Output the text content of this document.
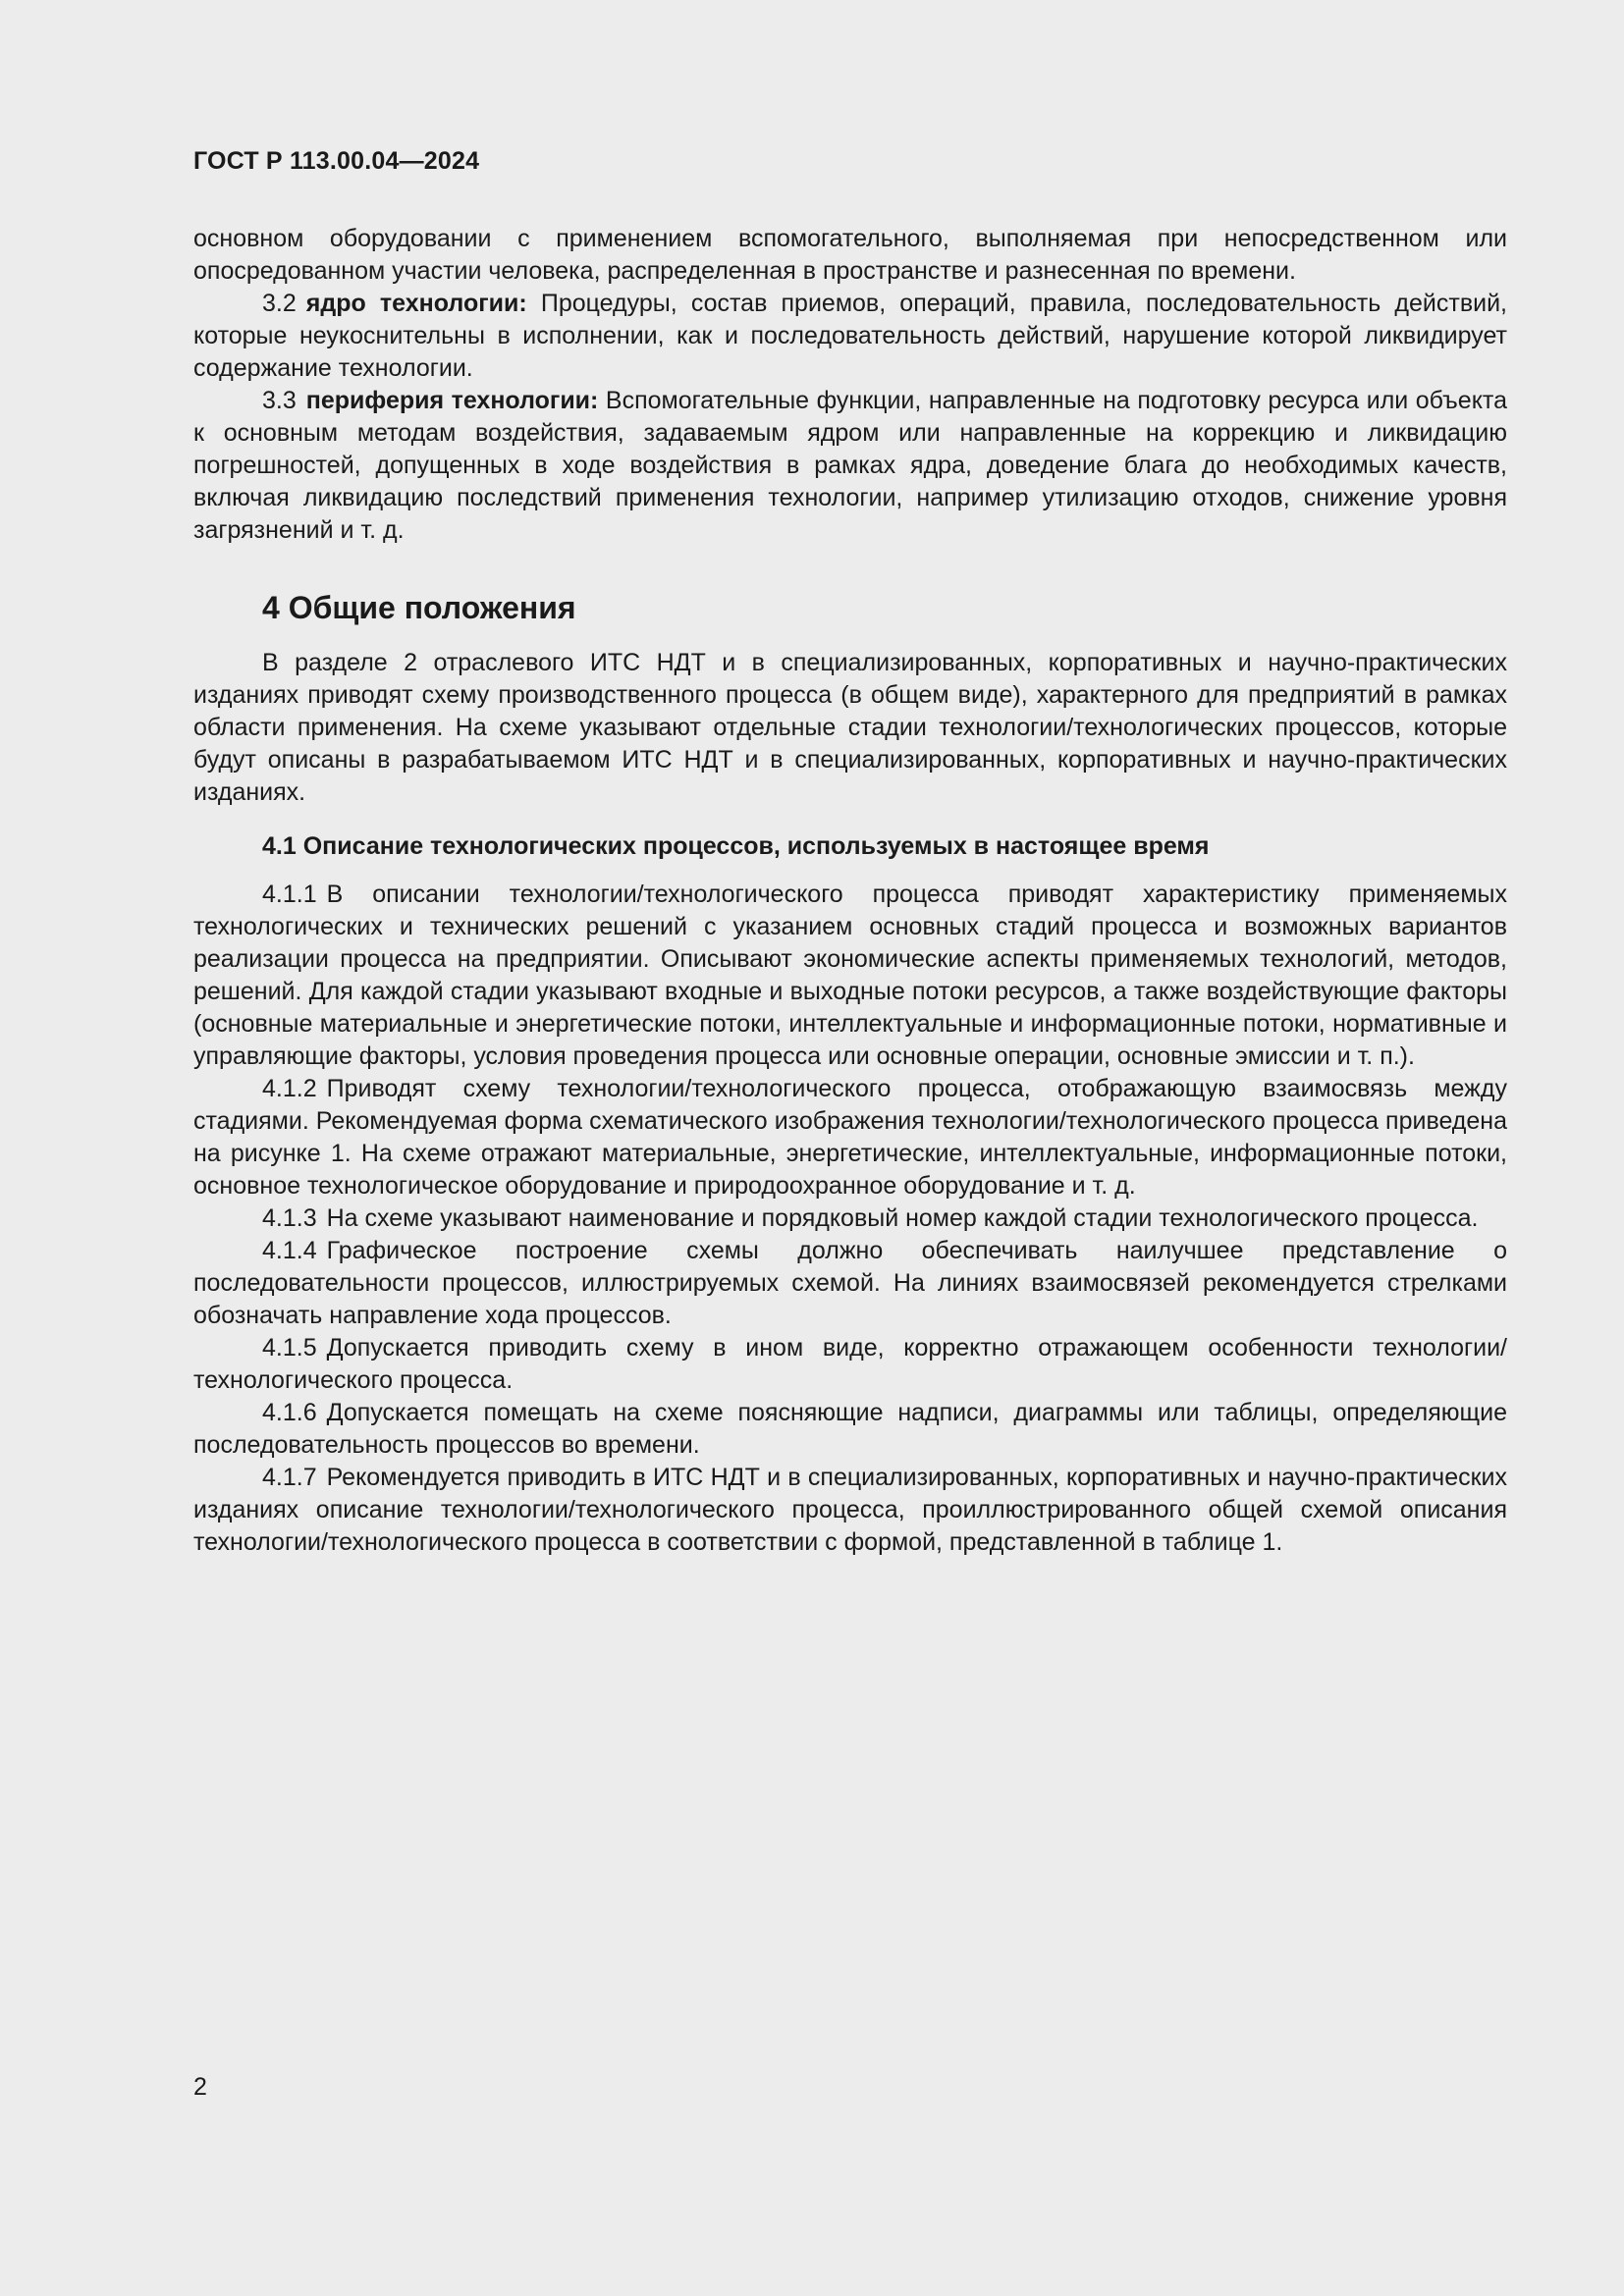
ГОСТ Р 113.00.04—2024

основном оборудовании с применением вспомогательного, выполняемая при непосредственном или опосредованном участии человека, распределенная в пространстве и разнесенная по времени.

3.2 ядро технологии: Процедуры, состав приемов, операций, правила, последовательность действий, которые неукоснительны в исполнении, как и последовательность действий, нарушение которой ликвидирует содержание технологии.

3.3 периферия технологии: Вспомогательные функции, направленные на подготовку ресурса или объекта к основным методам воздействия, задаваемым ядром или направленные на коррекцию и ликвидацию погрешностей, допущенных в ходе воздействия в рамках ядра, доведение блага до необходимых качеств, включая ликвидацию последствий применения технологии, например утилизацию отходов, снижение уровня загрязнений и т. д.

4 Общие положения

В разделе 2 отраслевого ИТС НДТ и в специализированных, корпоративных и научно-практических изданиях приводят схему производственного процесса (в общем виде), характерного для предприятий в рамках области применения. На схеме указывают отдельные стадии технологии/технологических процессов, которые будут описаны в разрабатываемом ИТС НДТ и в специализированных, корпоративных и научно-практических изданиях.

4.1 Описание технологических процессов, используемых в настоящее время

4.1.1 В описании технологии/технологического процесса приводят характеристику применяемых технологических и технических решений с указанием основных стадий процесса и возможных вариантов реализации процесса на предприятии. Описывают экономические аспекты применяемых технологий, методов, решений. Для каждой стадии указывают входные и выходные потоки ресурсов, а также воздействующие факторы (основные материальные и энергетические потоки, интеллектуальные и информационные потоки, нормативные и управляющие факторы, условия проведения процесса или основные операции, основные эмиссии и т. п.).

4.1.2 Приводят схему технологии/технологического процесса, отображающую взаимосвязь между стадиями. Рекомендуемая форма схематического изображения технологии/технологического процесса приведена на рисунке 1. На схеме отражают материальные, энергетические, интеллектуальные, информационные потоки, основное технологическое оборудование и природоохранное оборудование и т. д.

4.1.3 На схеме указывают наименование и порядковый номер каждой стадии технологического процесса.

4.1.4 Графическое построение схемы должно обеспечивать наилучшее представление о последовательности процессов, иллюстрируемых схемой. На линиях взаимосвязей рекомендуется стрелками обозначать направление хода процессов.

4.1.5 Допускается приводить схему в ином виде, корректно отражающем особенности технологии/технологического процесса.

4.1.6 Допускается помещать на схеме поясняющие надписи, диаграммы или таблицы, определяющие последовательность процессов во времени.

4.1.7 Рекомендуется приводить в ИТС НДТ и в специализированных, корпоративных и научно-практических изданиях описание технологии/технологического процесса, проиллюстрированного общей схемой описания технологии/технологического процесса в соответствии с формой, представленной в таблице 1.

2
